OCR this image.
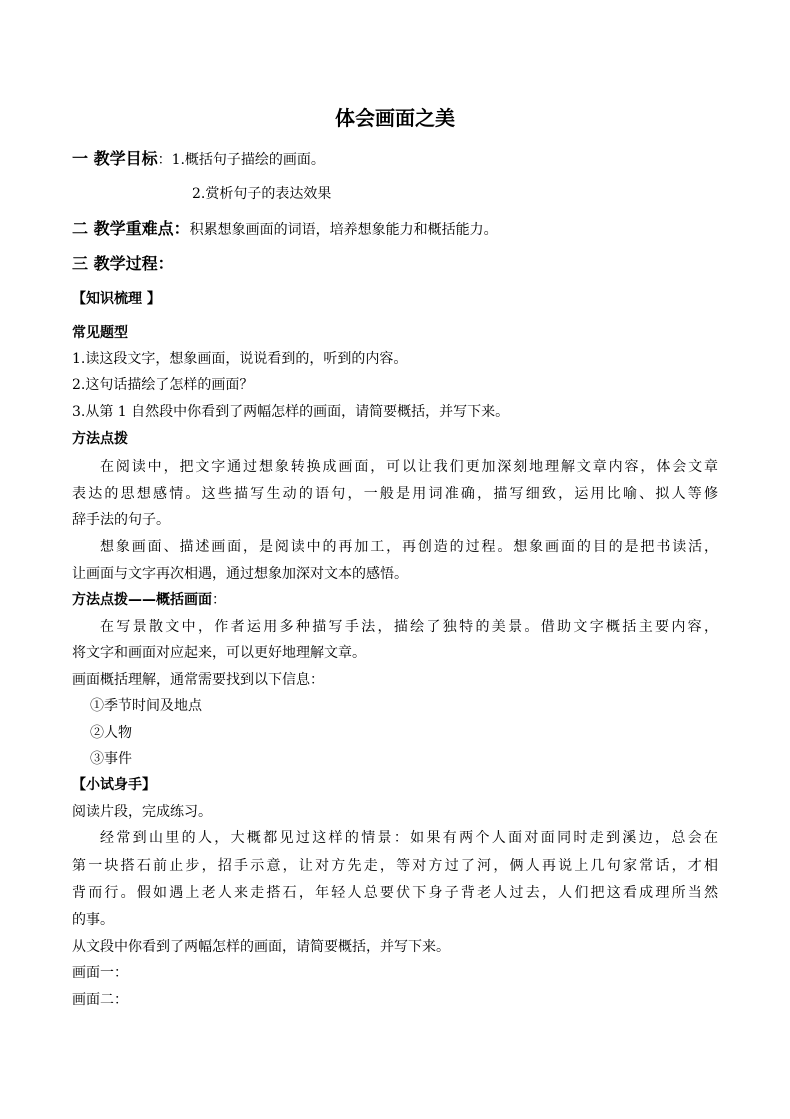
体会画面之美
一 教学目标：1.概括句子描绘的画面。
2.赏析句子的表达效果
二 教学重难点：积累想象画面的词语，培养想象能力和概括能力。
三 教学过程：
【知识梳理 】
常见题型
1.读这段文字，想象画面，说说看到的，听到的内容。
2.这句话描绘了怎样的画面？
3.从第 1 自然段中你看到了两幅怎样的画面，请简要概括，并写下来。
方法点拨
在阅读中，把文字通过想象转换成画面，可以让我们更加深刻地理解文章内容，体会文章
表达的思想感情。这些描写生动的语句，一般是用词准确，描写细致，运用比喻、拟人等修
辞手法的句子。
想象画面、描述画面，是阅读中的再加工，再创造的过程。想象画面的目的是把书读活，
让画面与文字再次相遇，通过想象加深对文本的感悟。
方法点拨——概括画面：
在写景散文中，作者运用多种描写手法，描绘了独特的美景。借助文字概括主要内容，
将文字和画面对应起来，可以更好地理解文章。
画面概括理解，通常需要找到以下信息：
①季节时间及地点
②人物
③事件
【小试身手】
阅读片段，完成练习。
经常到山里的人，大概都见过这样的情景：如果有两个人面对面同时走到溪边，总会在
第一块搭石前止步，招手示意，让对方先走，等对方过了河，俩人再说上几句家常话，才相
背而行。假如遇上老人来走搭石，年轻人总要伏下身子背老人过去，人们把这看成理所当然
的事。
从文段中你看到了两幅怎样的画面，请简要概括，并写下来。
画面一：
画面二：
